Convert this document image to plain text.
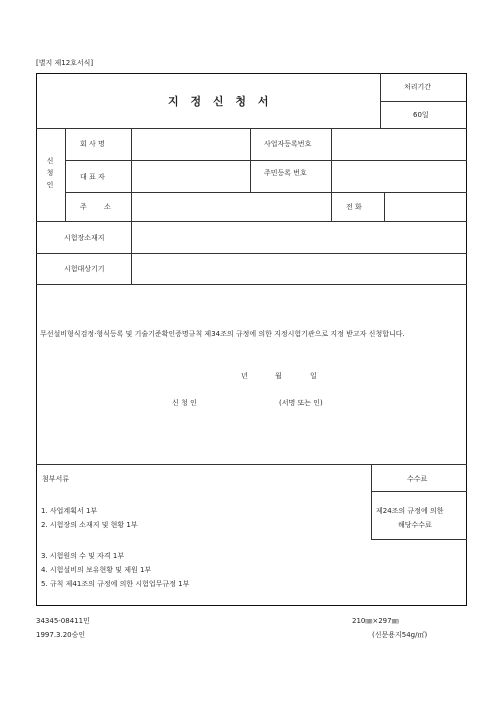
[별지 제12호서식]
지 정 신 청 서
처리기간
60일
신
청
인
회 사 명	사업자등록번호
대 표 자	주민등록 번호
주 소	전 화
시험장소재지
시험대상기기
무선설비형식검정·형식등록 및 기술기준확인증명규칙 제34조의 규정에 의한 지정시험기관으로 지정 받고자 신청합니다.
년	월	일
신 청 인	(서명 또는 인)
첨부서류
1. 사업계획서 1부
2. 시험장의 소재지 및 현황 1부
3. 시험원의 수 및 자격 1부
4. 시험설비의 보유현황 및 제원 1부
5. 규칙 제41조의 규정에 의한 시험업무규정 1부
수수료
제24조의 규정에 의한
해당수수료
34345-08411민
1997.3.20승인
210㎜×297㎜
(신문용지54g/㎡)
